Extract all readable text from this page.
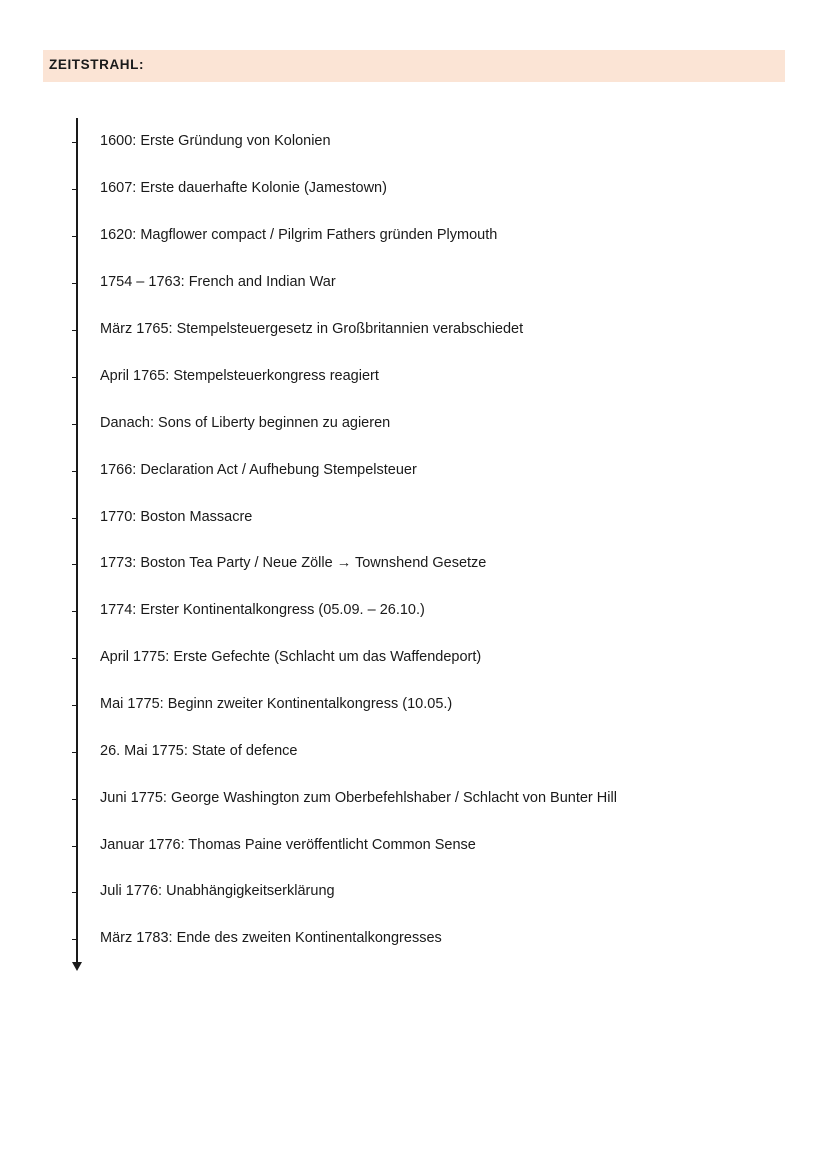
ZEITSTRAHL:
1600: Erste Gründung von Kolonien
1607: Erste dauerhafte Kolonie (Jamestown)
1620: Magflower compact / Pilgrim Fathers gründen Plymouth
1754 – 1763: French and Indian War
März 1765: Stempelsteuergesetz in Großbritannien verabschiedet
April 1765: Stempelsteuerkongress reagiert
Danach: Sons of Liberty beginnen zu agieren
1766: Declaration Act / Aufhebung Stempelsteuer
1770: Boston Massacre
1773: Boston Tea Party / Neue Zölle → Townshend Gesetze
1774: Erster Kontinentalkongress (05.09. – 26.10.)
April 1775: Erste Gefechte (Schlacht um das Waffendeport)
Mai 1775: Beginn zweiter Kontinentalkongress (10.05.)
26. Mai 1775: State of defence
Juni 1775: George Washington zum Oberbefehlshaber / Schlacht von Bunter Hill
Januar 1776: Thomas Paine veröffentlicht Common Sense
Juli 1776: Unabhängigkeitserklärung
März 1783: Ende des zweiten Kontinentalkongresses
